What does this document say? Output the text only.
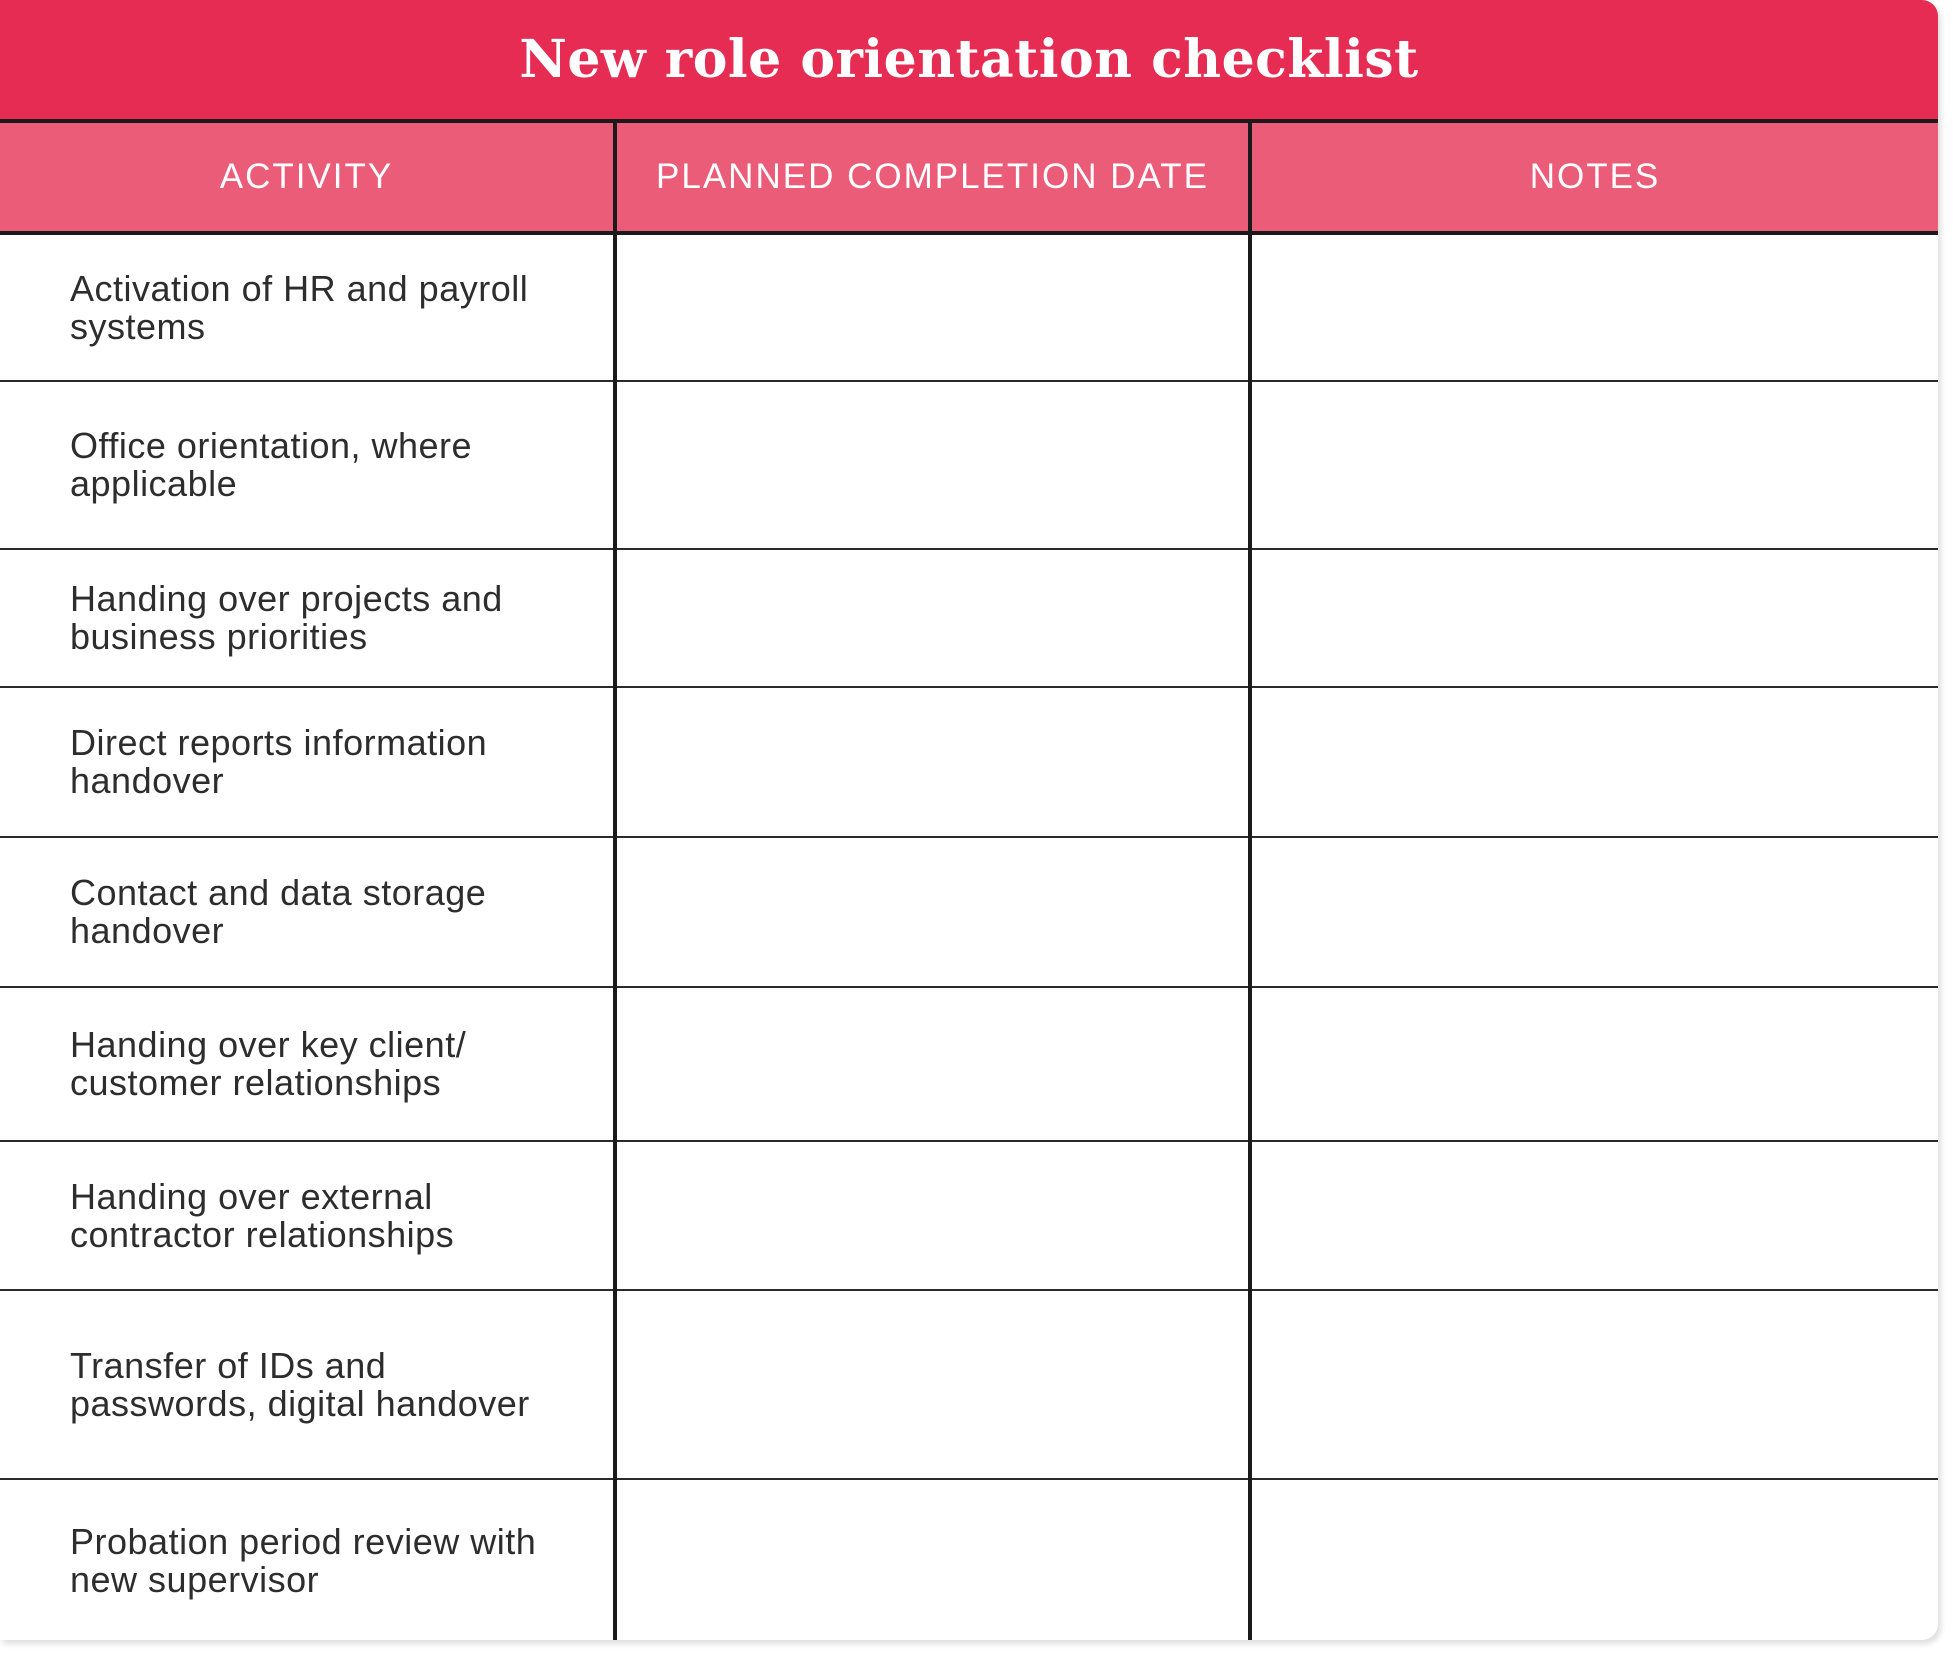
New role orientation checklist
ACTIVITY	PLANNED COMPLETION DATE	NOTES
Activation of HR and payroll systems		
Office orientation, where applicable		
Handing over projects and business priorities		
Direct reports information handover		
Contact and data storage handover		
Handing over key client/ customer relationships		
Handing over external contractor relationships		
Transfer of IDs and passwords, digital handover		
Probation period review with new supervisor		
